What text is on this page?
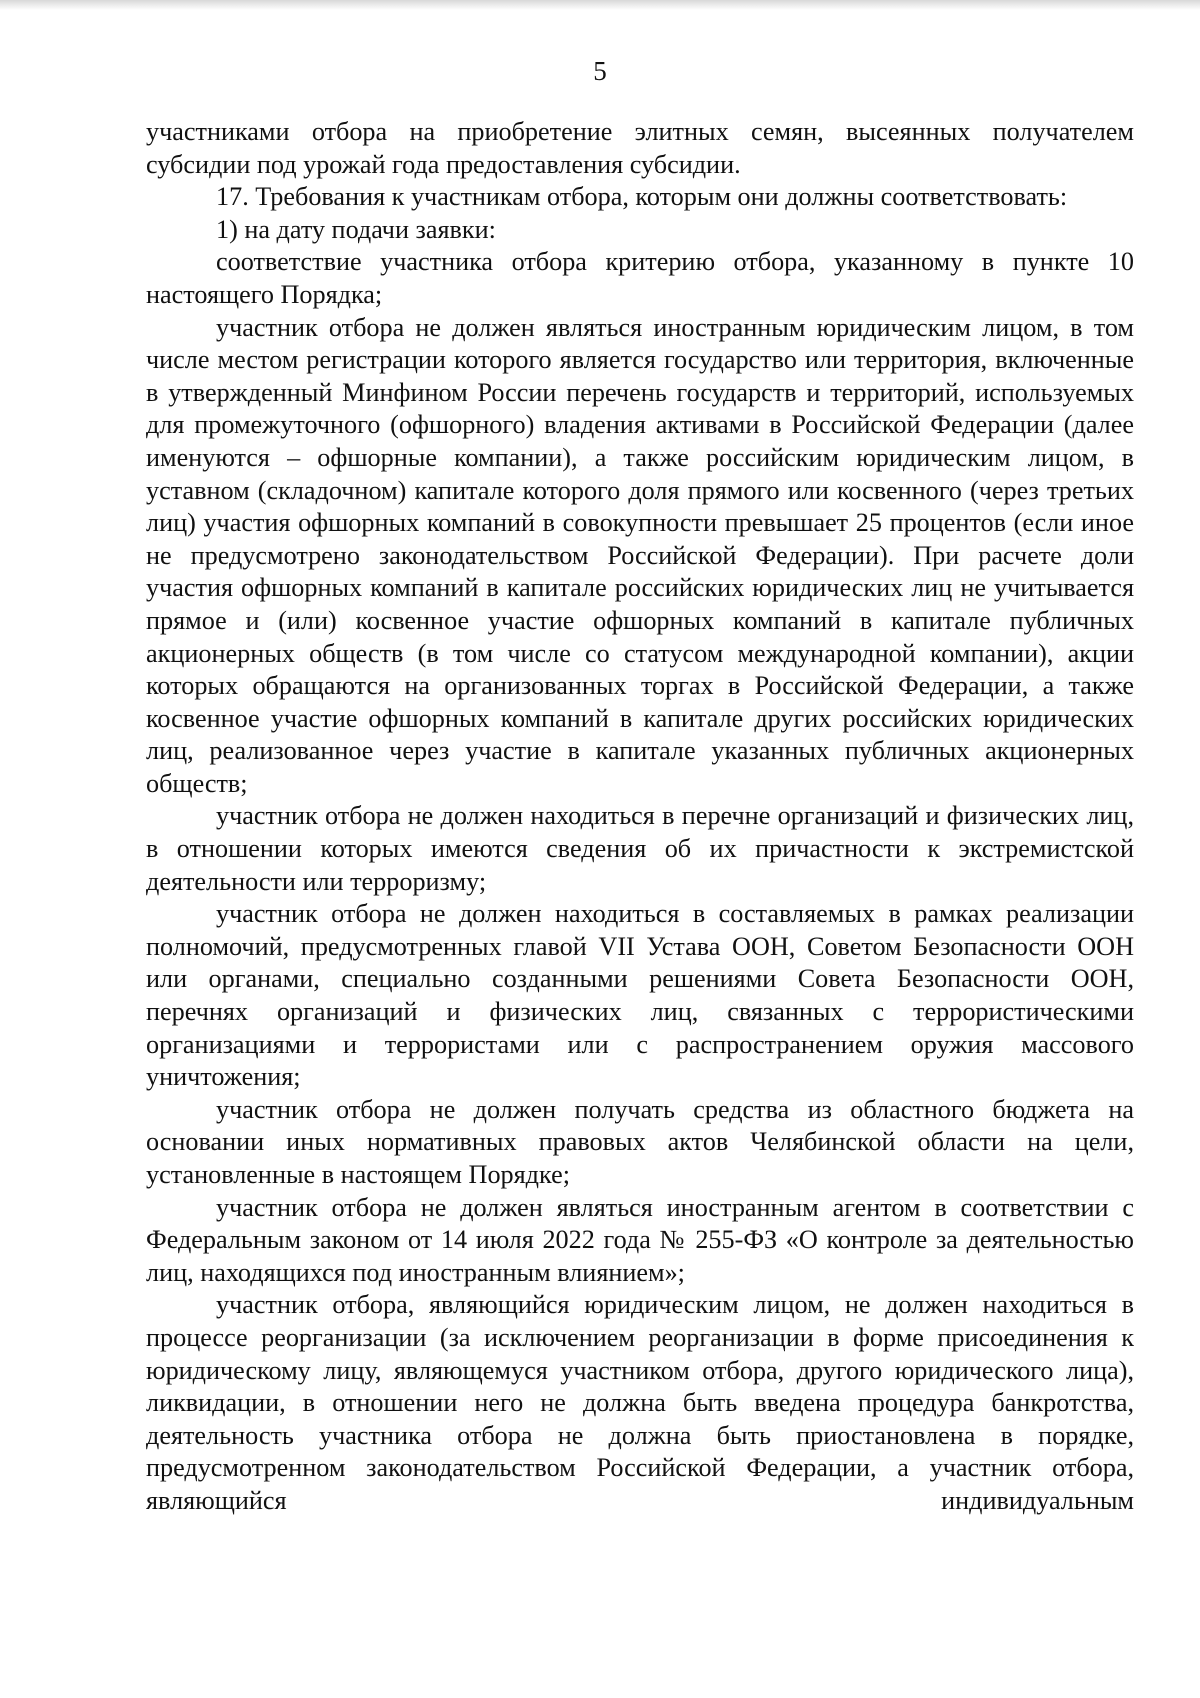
5

участниками отбора на приобретение элитных семян, высеянных получателем субсидии под урожай года предоставления субсидии.

17. Требования к участникам отбора, которым они должны соответствовать:

1) на дату подачи заявки:

соответствие участника отбора критерию отбора, указанному в пункте 10 настоящего Порядка;

участник отбора не должен являться иностранным юридическим лицом, в том числе местом регистрации которого является государство или территория, включенные в утвержденный Минфином России перечень государств и территорий, используемых для промежуточного (офшорного) владения активами в Российской Федерации (далее именуются – офшорные компании), а также российским юридическим лицом, в уставном (складочном) капитале которого доля прямого или косвенного (через третьих лиц) участия офшорных компаний в совокупности превышает 25 процентов (если иное не предусмотрено законодательством Российской Федерации). При расчете доли участия офшорных компаний в капитале российских юридических лиц не учитывается прямое и (или) косвенное участие офшорных компаний в капитале публичных акционерных обществ (в том числе со статусом международной компании), акции которых обращаются на организованных торгах в Российской Федерации, а также косвенное участие офшорных компаний в капитале других российских юридических лиц, реализованное через участие в капитале указанных публичных акционерных обществ;

участник отбора не должен находиться в перечне организаций и физических лиц, в отношении которых имеются сведения об их причастности к экстремистской деятельности или терроризму;

участник отбора не должен находиться в составляемых в рамках реализации полномочий, предусмотренных главой VII Устава ООН, Советом Безопасности ООН или органами, специально созданными решениями Совета Безопасности ООН, перечнях организаций и физических лиц, связанных с террористическими организациями и террористами или с распространением оружия массового уничтожения;

участник отбора не должен получать средства из областного бюджета на основании иных нормативных правовых актов Челябинской области на цели, установленные в настоящем Порядке;

участник отбора не должен являться иностранным агентом в соответствии с Федеральным законом от 14 июля 2022 года № 255-ФЗ «О контроле за деятельностью лиц, находящихся под иностранным влиянием»;

участник отбора, являющийся юридическим лицом, не должен находиться в процессе реорганизации (за исключением реорганизации в форме присоединения к юридическому лицу, являющемуся участником отбора, другого юридического лица), ликвидации, в отношении него не должна быть введена процедура банкротства, деятельность участника отбора не должна быть приостановлена в порядке, предусмотренном законодательством Российской Федерации, а участник отбора, являющийся индивидуальным
